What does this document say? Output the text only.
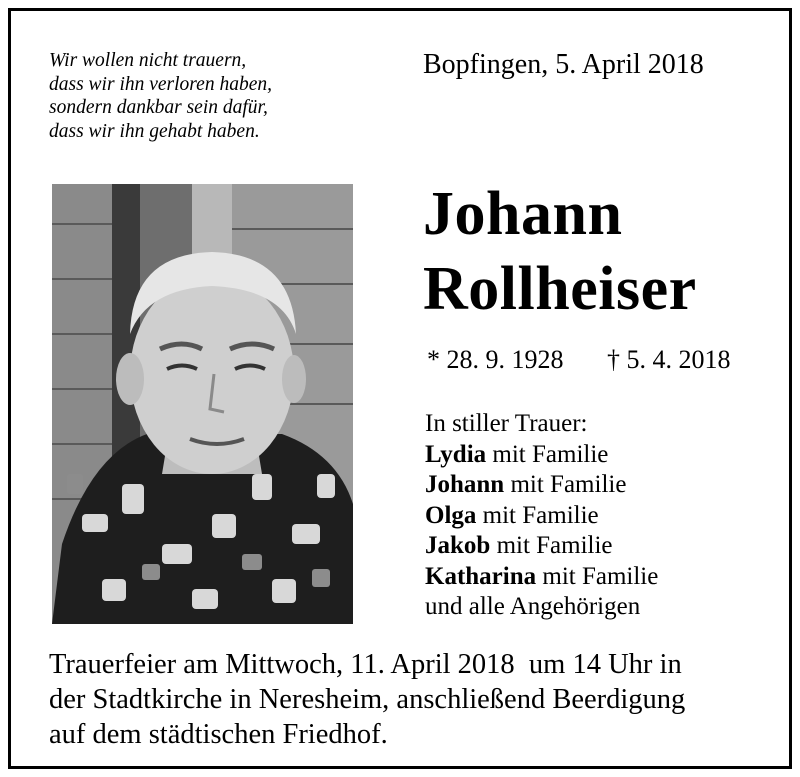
Wir wollen nicht trauern,
dass wir ihn verloren haben,
sondern dankbar sein dafür,
dass wir ihn gehabt haben.
Bopfingen, 5. April 2018
Johann
Rollheiser
* 28. 9. 1928 † 5. 4. 2018
In stiller Trauer:
Lydia mit Familie
Johann mit Familie
Olga mit Familie
Jakob mit Familie
Katharina mit Familie
und alle Angehörigen
Trauerfeier am Mittwoch, 11. April 2018  um 14 Uhr in
der Stadtkirche in Neresheim, anschließend Beerdigung
auf dem städtischen Friedhof.
